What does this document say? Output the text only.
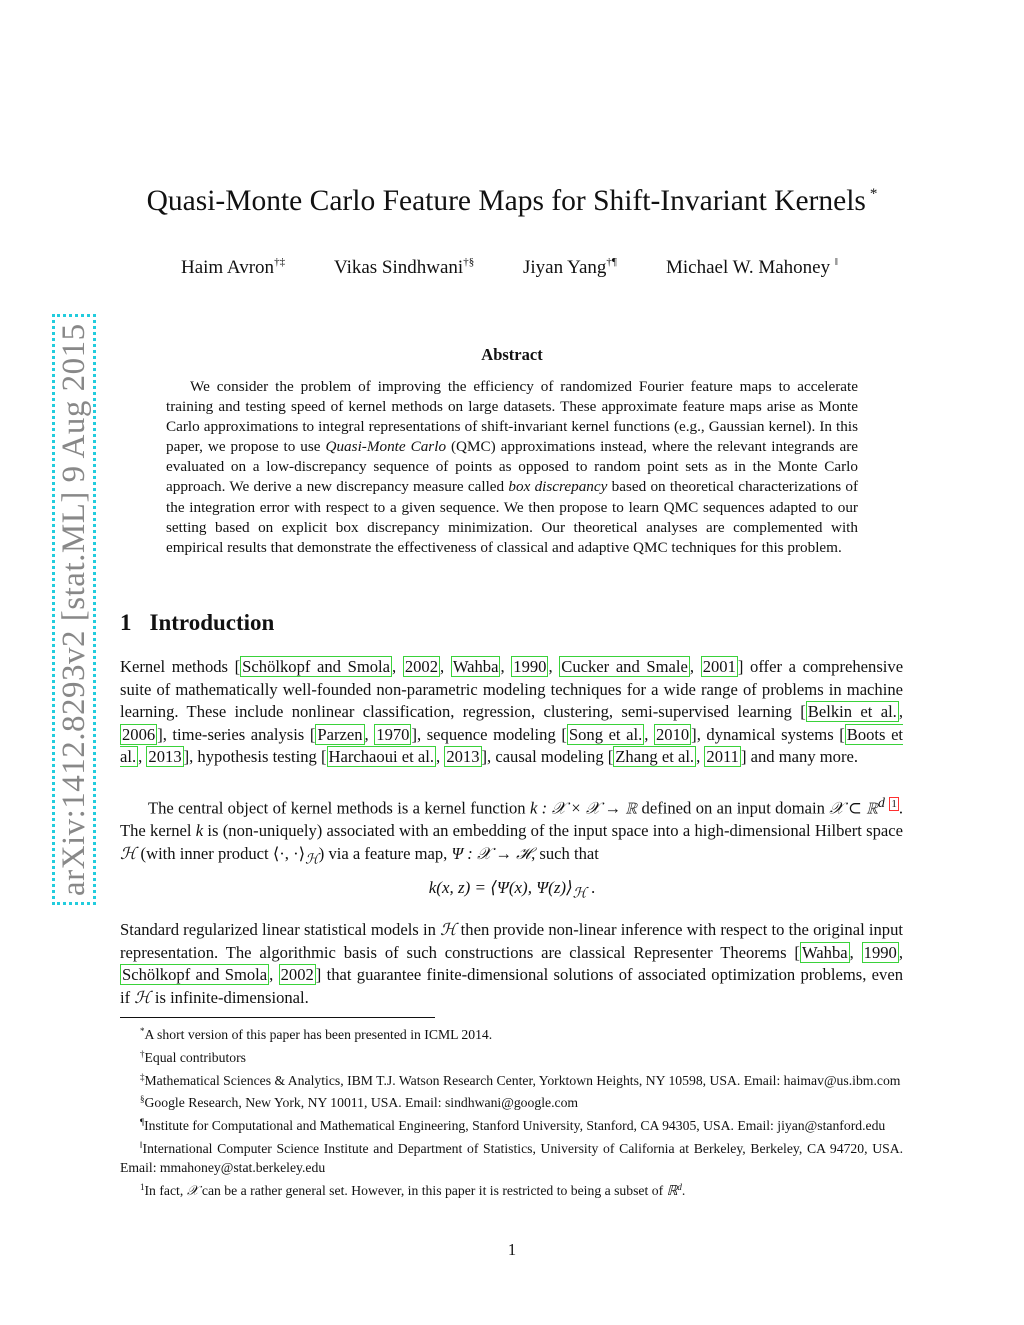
arXiv:1412.8293v2 [stat.ML] 9 Aug 2015
Quasi-Monte Carlo Feature Maps for Shift-Invariant Kernels *
Haim Avron†‡	Vikas Sindhwani†§	Jiyan Yang†¶	Michael W. Mahoney ‖
Abstract
We consider the problem of improving the efficiency of randomized Fourier feature maps to accelerate training and testing speed of kernel methods on large datasets. These approximate feature maps arise as Monte Carlo approximations to integral representations of shift-invariant kernel functions (e.g., Gaussian kernel). In this paper, we propose to use Quasi-Monte Carlo (QMC) approximations instead, where the relevant integrands are evaluated on a low-discrepancy sequence of points as opposed to random point sets as in the Monte Carlo approach. We derive a new discrepancy measure called box discrepancy based on theoretical characterizations of the integration error with respect to a given sequence. We then propose to learn QMC sequences adapted to our setting based on explicit box discrepancy minimization. Our theoretical analyses are complemented with empirical results that demonstrate the effectiveness of classical and adaptive QMC techniques for this problem.
1 Introduction
Kernel methods [ Schölkopf and Smola , 2002 , Wahba , 1990 , Cucker and Smale , 2001 ] offer a comprehensive suite of mathematically well-founded non-parametric modeling techniques for a wide range of problems in machine learning. These include nonlinear classification, regression, clustering, semi-supervised learning [ Belkin et al. , 2006 ], time-series analysis [ Parzen , 1970 ], sequence modeling [ Song et al. , 2010 ], dynamical systems [ Boots et al. , 2013 ], hypothesis testing [ Harchaoui et al. , 2013 ], causal modeling [ Zhang et al. , 2011 ] and many more.
The central object of kernel methods is a kernel function k : 𝒳 × 𝒳 → ℝ defined on an input domain 𝒳 ⊂ ℝ$^d$ $^1$ . The kernel k is (non-uniquely) associated with an embedding of the input space into a high-dimensional Hilbert space ℋ (with inner product ⟨·, $\cdot⟩_ℋ$) via a feature map, Ψ : 𝒳 → ℋ, such that
k(x, z) = ⟨Ψ(x), $\Psi(z)⟩_ℋ$ .
Standard regularized linear statistical models in ℋ then provide non-linear inference with respect to the original input representation. The algorithmic basis of such constructions are classical Representer Theorems [ Wahba , 1990 , Schölkopf and Smola , 2002 ] that guarantee finite-dimensional solutions of associated optimization problems, even if ℋ is infinite-dimensional.
*A short version of this paper has been presented in ICML 2014.
†Equal contributors
‡Mathematical Sciences & Analytics, IBM T.J. Watson Research Center, Yorktown Heights, NY 10598, USA. Email: haimav@us.ibm.com
§Google Research, New York, NY 10011, USA. Email: sindhwani@google.com
¶Institute for Computational and Mathematical Engineering, Stanford University, Stanford, CA 94305, USA. Email: jiyan@stanford.edu
‖International Computer Science Institute and Department of Statistics, University of California at Berkeley, Berkeley, CA 94720, USA. Email: mmahoney@stat.berkeley.edu
$^1$In fact, 𝒳 can be a rather general set. However, in this paper it is restricted to being a subset of ℝ$^d$.
1
